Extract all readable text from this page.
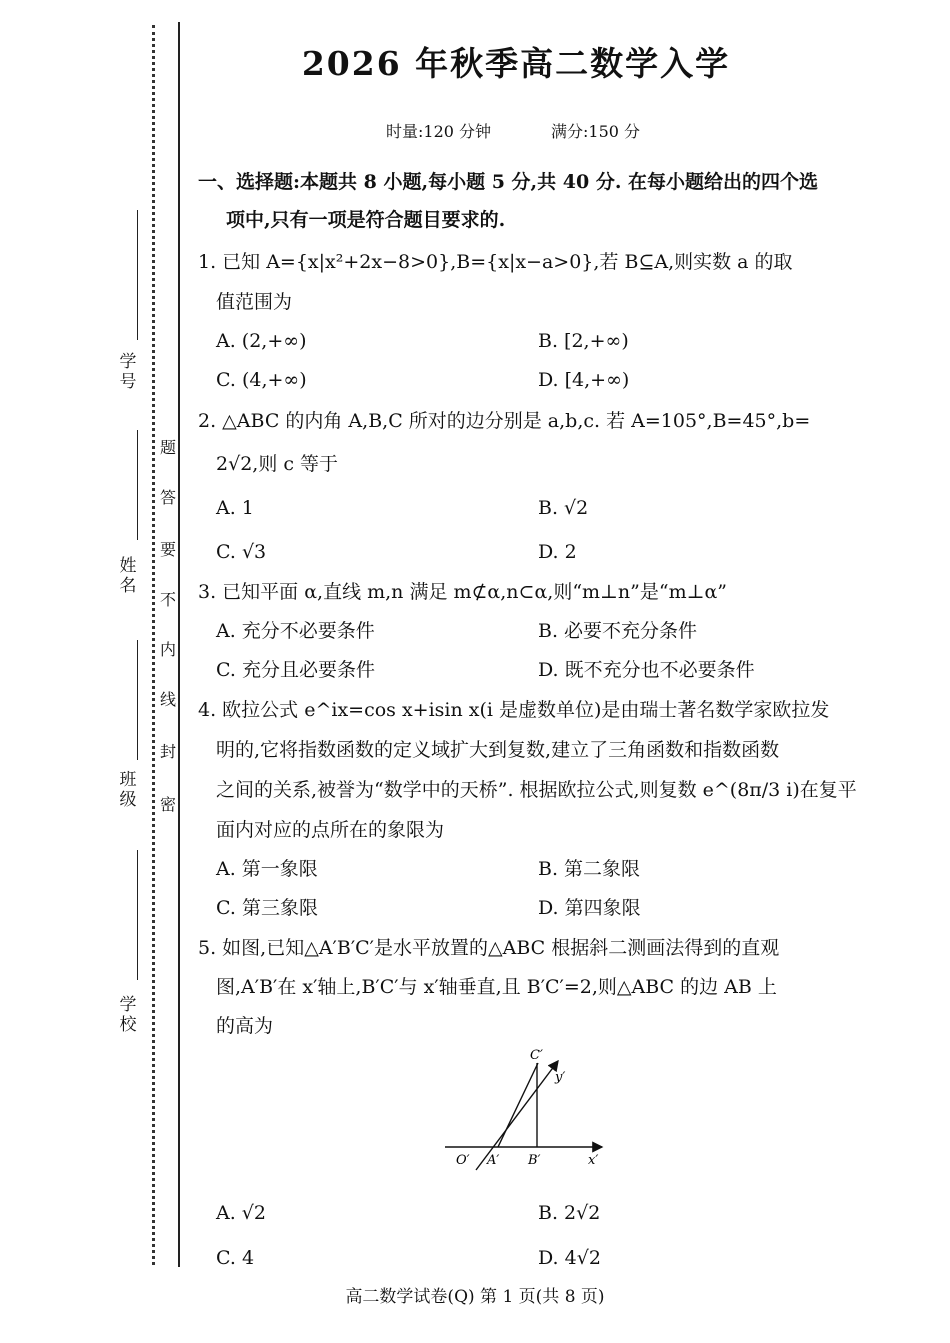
学 号
姓 名
班 级
学 校
题
答
要
不
内
线
封
密
2026 年秋季高二数学入学
时量:120 分钟	满分:150 分
一、选择题:本题共 8 小题,每小题 5 分,共 40 分. 在每小题给出的四个选
项中,只有一项是符合题目要求的.
1. 已知 A={x|x²+2x−8>0},B={x|x−a>0},若 B⊆A,则实数 a 的取
值范围为
A. (2,+∞)	B. [2,+∞)
C. (4,+∞)	D. [4,+∞)
2. △ABC 的内角 A,B,C 所对的边分别是 a,b,c. 若 A=105°,B=45°,b=
2√2,则 c 等于
A. 1	B. √2
C. √3	D. 2
3. 已知平面 α,直线 m,n 满足 m⊄α,n⊂α,则“m⊥n”是“m⊥α”
A. 充分不必要条件	B. 必要不充分条件
C. 充分且必要条件	D. 既不充分也不必要条件
4. 欧拉公式 e^ix=cos x+isin x(i 是虚数单位)是由瑞士著名数学家欧拉发
明的,它将指数函数的定义域扩大到复数,建立了三角函数和指数函数
之间的关系,被誉为“数学中的天桥”. 根据欧拉公式,则复数 e^(8π/3 i)在复平
面内对应的点所在的象限为
A. 第一象限	B. 第二象限
C. 第三象限	D. 第四象限
5. 如图,已知△A′B′C′是水平放置的△ABC 根据斜二测画法得到的直观
图,A′B′在 x′轴上,B′C′与 x′轴垂直,且 B′C′=2,则△ABC 的边 AB 上
的高为
C′
y′
O′ A′ B′	x′
A. √2	B. 2√2
C. 4	D. 4√2
高二数学试卷(Q) 第 1 页(共 8 页)
